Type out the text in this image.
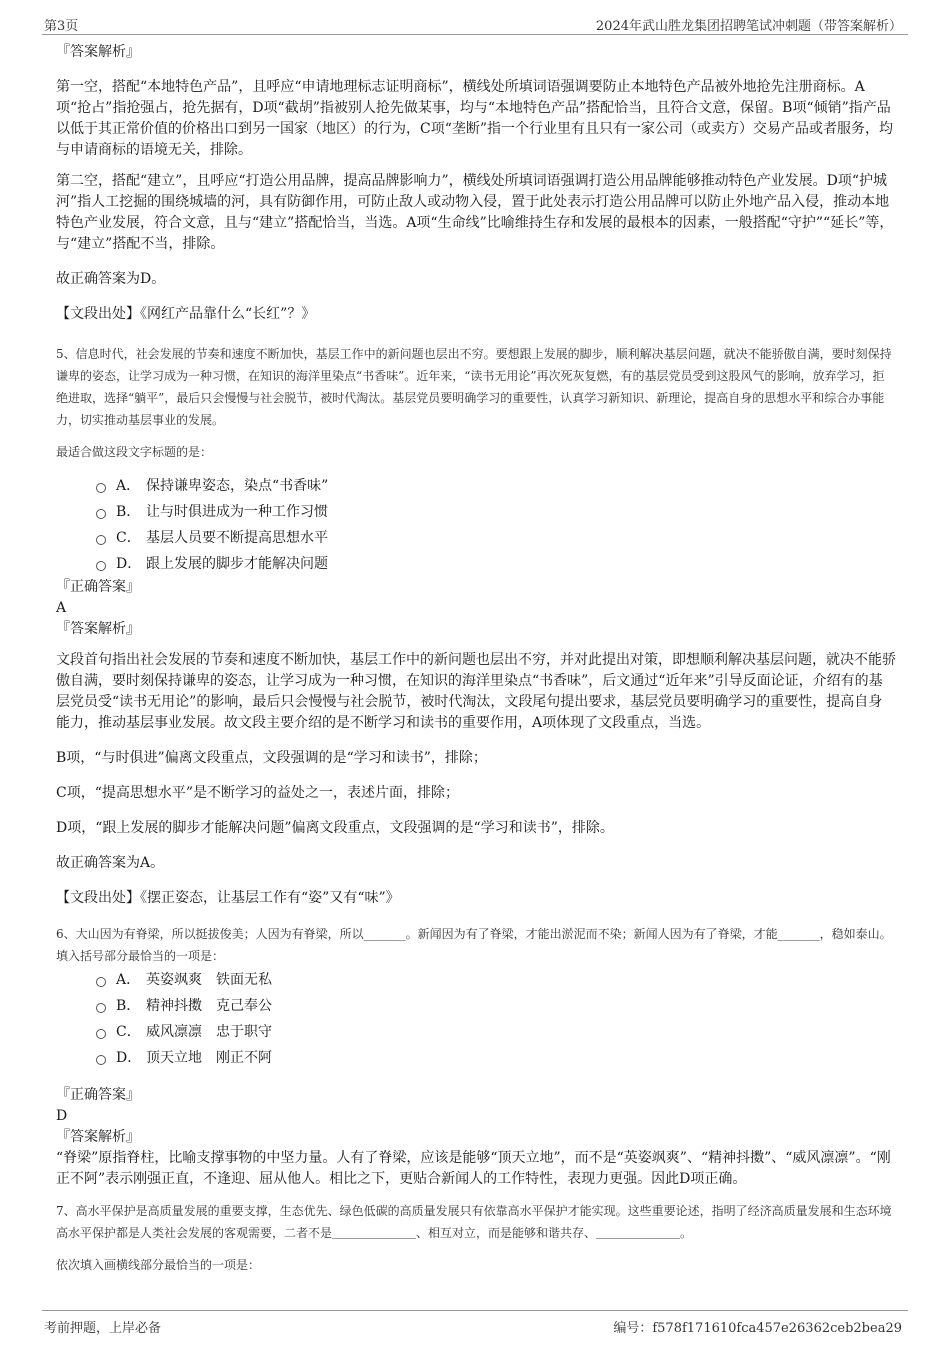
第3页	2024年武山胜龙集团招聘笔试冲刺题（带答案解析）

『答案解析』

第一空，搭配“本地特色产品”，且呼应“申请地理标志证明商标”，横线处所填词语强调要防止本地特色产品被外地抢先注册商标。A项“抢占”指抢强占，抢先据有，D项“截胡”指被别人抢先做某事，均与“本地特色产品”搭配恰当，且符合文意，保留。B项“倾销”指产品以低于其正常价值的价格出口到另一国家（地区）的行为，C项“垄断”指一个行业里有且只有一家公司（或卖方）交易产品或者服务，均与申请商标的语境无关，排除。

第二空，搭配“建立”，且呼应“打造公用品牌，提高品牌影响力”，横线处所填词语强调打造公用品牌能够推动特色产业发展。D项“护城河”指人工挖掘的围绕城墙的河，具有防御作用，可防止敌人或动物入侵，置于此处表示打造公用品牌可以防止外地产品入侵，推动本地特色产业发展，符合文意，且与“建立”搭配恰当，当选。A项“生命线”比喻维持生存和发展的最根本的因素，一般搭配“守护”“延长”等，与“建立”搭配不当，排除。

故正确答案为D。

【文段出处】《网红产品靠什么“长红”？》

5、信息时代，社会发展的节奏和速度不断加快，基层工作中的新问题也层出不穷。要想跟上发展的脚步，顺利解决基层问题，就决不能骄傲自满，要时刻保持谦卑的姿态，让学习成为一种习惯，在知识的海洋里染点“书香味”。近年来，“读书无用论”再次死灰复燃，有的基层党员受到这股风气的影响，放弃学习，拒绝进取，选择“躺平”，最后只会慢慢与社会脱节，被时代淘汰。基层党员要明确学习的重要性，认真学习新知识、新理论，提高自身的思想水平和综合办事能力，切实推动基层事业的发展。

最适合做这段文字标题的是：

A． 保持谦卑姿态，染点“书香味”
B． 让与时俱进成为一种工作习惯
C． 基层人员要不断提高思想水平
D． 跟上发展的脚步才能解决问题

『正确答案』

A

『答案解析』

文段首句指出社会发展的节奏和速度不断加快，基层工作中的新问题也层出不穷，并对此提出对策，即想顺利解决基层问题，就决不能骄傲自满，要时刻保持谦卑的姿态，让学习成为一种习惯，在知识的海洋里染点“书香味”，后文通过“近年来”引导反面论证，介绍有的基层党员受“读书无用论”的影响，最后只会慢慢与社会脱节，被时代淘汰，文段尾句提出要求，基层党员要明确学习的重要性，提高自身能力，推动基层事业发展。故文段主要介绍的是不断学习和读书的重要作用，A项体现了文段重点，当选。

B项，“与时俱进”偏离文段重点，文段强调的是“学习和读书”，排除；

C项，“提高思想水平”是不断学习的益处之一，表述片面，排除；

D项，“跟上发展的脚步才能解决问题”偏离文段重点，文段强调的是“学习和读书”，排除。

故正确答案为A。

【文段出处】《摆正姿态，让基层工作有“姿”又有“味”》

6、大山因为有脊梁，所以挺拔俊美；人因为有脊梁，所以_______。新闻因为有了脊梁，才能出淤泥而不染；新闻人因为有了脊梁，才能_______，稳如泰山。

填入括号部分最恰当的一项是：

A． 英姿飒爽　铁面无私
B． 精神抖擞　克己奉公
C． 威风凛凛　忠于职守
D． 顶天立地　刚正不阿

『正确答案』

D

『答案解析』

“脊梁”原指脊柱，比喻支撑事物的中坚力量。人有了脊梁，应该是能够“顶天立地”，而不是“英姿飒爽”、“精神抖擞”、“威风凛凛”。“刚正不阿”表示刚强正直，不逢迎、屈从他人。相比之下，更贴合新闻人的工作特性，表现力更强。因此D项正确。

7、高水平保护是高质量发展的重要支撑，生态优先、绿色低碳的高质量发展只有依靠高水平保护才能实现。这些重要论述，指明了经济高质量发展和生态环境高水平保护都是人类社会发展的客观需要，二者不是＿＿＿＿＿＿＿、相互对立，而是能够和谐共存、＿＿＿＿＿＿＿。

依次填入画横线部分最恰当的一项是：

考前押题，上岸必备	编号：f578f171610fca457e26362ceb2bea29
